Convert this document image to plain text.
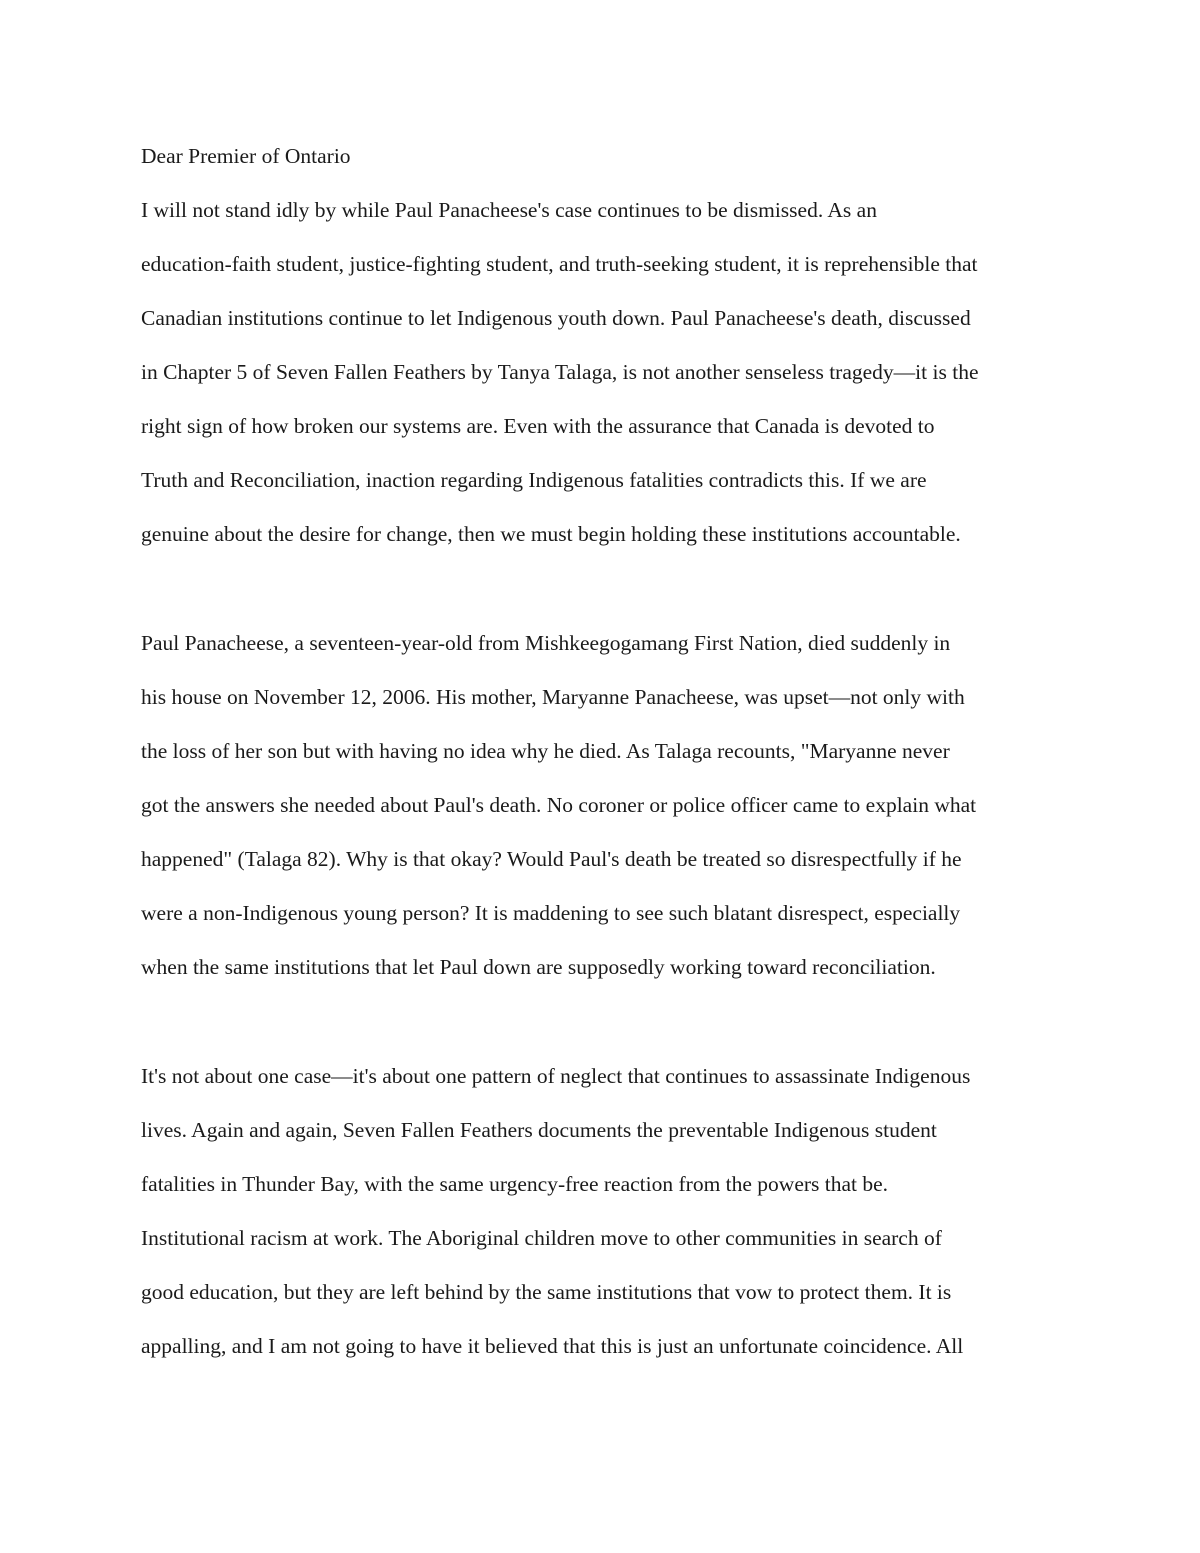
Dear Premier of Ontario

I will not stand idly by while Paul Panacheese's case continues to be dismissed. As an

education-faith student, justice-fighting student, and truth-seeking student, it is reprehensible that

Canadian institutions continue to let Indigenous youth down. Paul Panacheese's death, discussed

in Chapter 5 of Seven Fallen Feathers by Tanya Talaga, is not another senseless tragedy—it is the

right sign of how broken our systems are. Even with the assurance that Canada is devoted to

Truth and Reconciliation, inaction regarding Indigenous fatalities contradicts this. If we are

genuine about the desire for change, then we must begin holding these institutions accountable.

Paul Panacheese, a seventeen-year-old from Mishkeegogamang First Nation, died suddenly in

his house on November 12, 2006. His mother, Maryanne Panacheese, was upset—not only with

the loss of her son but with having no idea why he died. As Talaga recounts, "Maryanne never

got the answers she needed about Paul's death. No coroner or police officer came to explain what

happened" (Talaga 82). Why is that okay? Would Paul's death be treated so disrespectfully if he

were a non-Indigenous young person? It is maddening to see such blatant disrespect, especially

when the same institutions that let Paul down are supposedly working toward reconciliation.

It's not about one case—it's about one pattern of neglect that continues to assassinate Indigenous

lives. Again and again, Seven Fallen Feathers documents the preventable Indigenous student

fatalities in Thunder Bay, with the same urgency-free reaction from the powers that be.

Institutional racism at work. The Aboriginal children move to other communities in search of

good education, but they are left behind by the same institutions that vow to protect them. It is

appalling, and I am not going to have it believed that this is just an unfortunate coincidence. All
